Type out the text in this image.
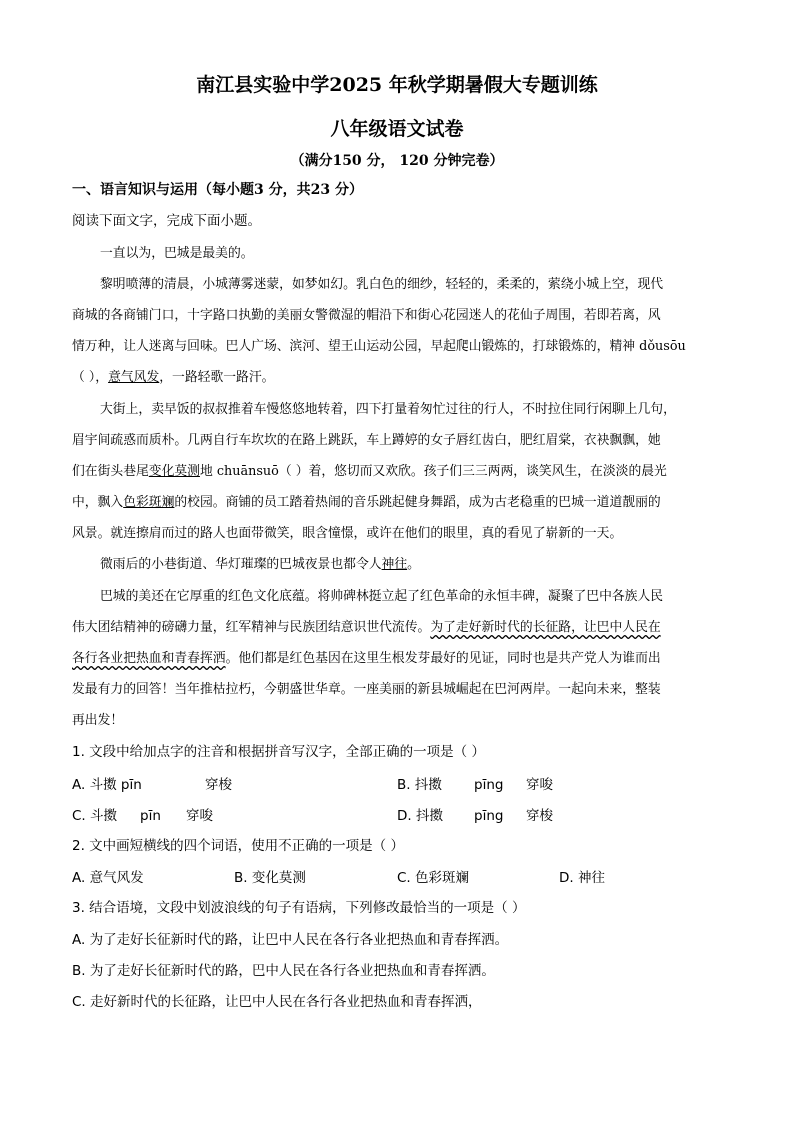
南江县实验中学2025 年秋学期暑假大专题训练
八年级语文试卷
（满分150 分， 120 分钟完卷）
一、语言知识与运用（每小题3 分，共23 分）
阅读下面文字，完成下面小题。
一直以为，巴城是最美的。
黎明喷薄的清晨，小城薄雾迷蒙，如梦如幻。乳白色的细纱，轻轻的，柔柔的，萦绕小城上空，现代
商城的各商铺门口，十字路口执勤的美丽女警微湿的帽沿下和街心花园迷人的花仙子周围，若即若离，风
情万种，让人迷离与回味。巴人广场、滨河、望王山运动公园，早起爬山锻炼的，打球锻炼的，精神 dǒusōu
（ ），意气风发，一路轻歌一路汗。
大街上，卖早饭的叔叔推着车慢悠悠地转着，四下打量着匆忙过往的行人，不时拉住同行闲聊上几句，
眉宇间疏惑而质朴。几两自行车坎坎的在路上跳跃，车上蹲婷的女子唇红齿白，肥红眉棠，衣袂飘飘，她
们在街头巷尾变化莫测地 chuānsuō（ ）着，悠切而又欢欣。孩子们三三两两，谈笑风生，在淡淡的晨光
中，飘入色彩斑斓的校园。商铺的员工踏着热闹的音乐跳起健身舞蹈，成为古老稳重的巴城一道道靓丽的
风景。就连擦肩而过的路人也面带微笑，眼含憧憬，或许在他们的眼里，真的看见了崭新的一天。
微雨后的小巷街道、华灯璀璨的巴城夜景也都令人神往。
巴城的美还在它厚重的红色文化底蕴。将帅碑林挺立起了红色革命的永恒丰碑，凝聚了巴中各族人民
伟大团结精神的磅礴力量，红军精神与民族团结意识世代流传。为了走好新时代的长征路，让巴中人民在
各行各业把热血和青春挥洒。他们都是红色基因在这里生根发芽最好的见证，同时也是共产党人为谁而出
发最有力的回答！当年推枯拉朽，今朝盛世华章。一座美丽的新县城崛起在巴河两岸。一起向未来，整装
再出发！
1. 文段中给加点字的注音和根据拼音写汉字，全部正确的一项是（ ）
A. 斗擞 pīn	穿梭	B. 抖擞 pīng 穿唆
C. 斗擞 pīn 穿唆	D. 抖擞 pīng 穿梭
2. 文中画短横线的四个词语，使用不正确的一项是（ ）
A. 意气风发	B. 变化莫测	C. 色彩斑斓	D. 神往
3. 结合语境，文段中划波浪线的句子有语病，下列修改最恰当的一项是（ ）
A. 为了走好长征新时代的路，让巴中人民在各行各业把热血和青春挥洒。
B. 为了走好长征新时代的路，巴中人民在各行各业把热血和青春挥洒。
C. 走好新时代的长征路，让巴中人民在各行各业把热血和青春挥洒，
